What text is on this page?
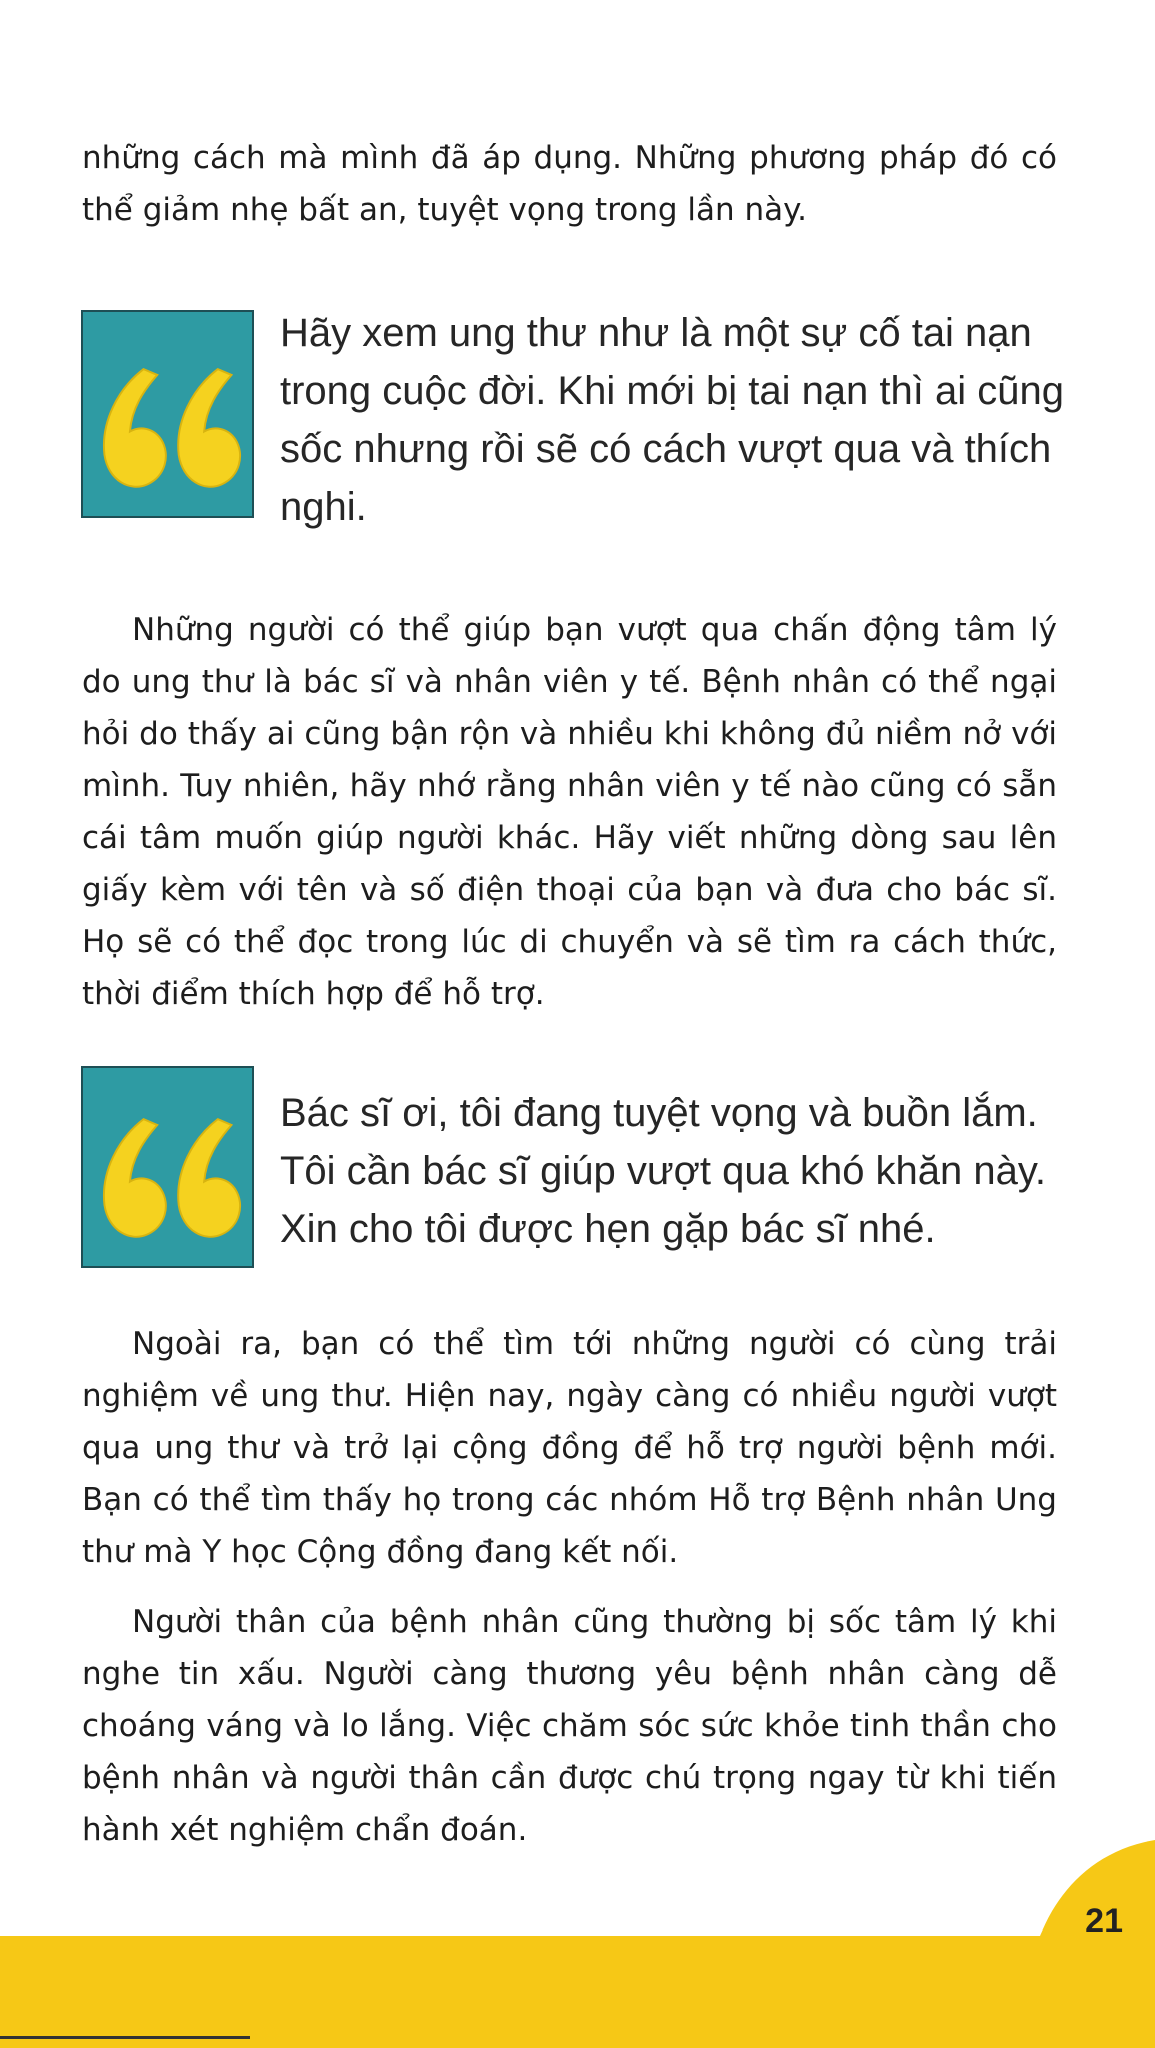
những cách mà mình đã áp dụng. Những phương pháp đó có thể giảm nhẹ bất an, tuyệt vọng trong lần này.

Hãy xem ung thư như là một sự cố tai nạn trong cuộc đời. Khi mới bị tai nạn thì ai cũng sốc nhưng rồi sẽ có cách vượt qua và thích nghi.

Những người có thể giúp bạn vượt qua chấn động tâm lý do ung thư là bác sĩ và nhân viên y tế. Bệnh nhân có thể ngại hỏi do thấy ai cũng bận rộn và nhiều khi không đủ niềm nở với mình. Tuy nhiên, hãy nhớ rằng nhân viên y tế nào cũng có sẵn cái tâm muốn giúp người khác. Hãy viết những dòng sau lên giấy kèm với tên và số điện thoại của bạn và đưa cho bác sĩ. Họ sẽ có thể đọc trong lúc di chuyển và sẽ tìm ra cách thức, thời điểm thích hợp để hỗ trợ.

Bác sĩ ơi, tôi đang tuyệt vọng và buồn lắm. Tôi cần bác sĩ giúp vượt qua khó khăn này. Xin cho tôi được hẹn gặp bác sĩ nhé.

Ngoài ra, bạn có thể tìm tới những người có cùng trải nghiệm về ung thư. Hiện nay, ngày càng có nhiều người vượt qua ung thư và trở lại cộng đồng để hỗ trợ người bệnh mới. Bạn có thể tìm thấy họ trong các nhóm Hỗ trợ Bệnh nhân Ung thư mà Y học Cộng đồng đang kết nối.

Người thân của bệnh nhân cũng thường bị sốc tâm lý khi nghe tin xấu. Người càng thương yêu bệnh nhân càng dễ choáng váng và lo lắng. Việc chăm sóc sức khỏe tinh thần cho bệnh nhân và người thân cần được chú trọng ngay từ khi tiến hành xét nghiệm chẩn đoán.

21
